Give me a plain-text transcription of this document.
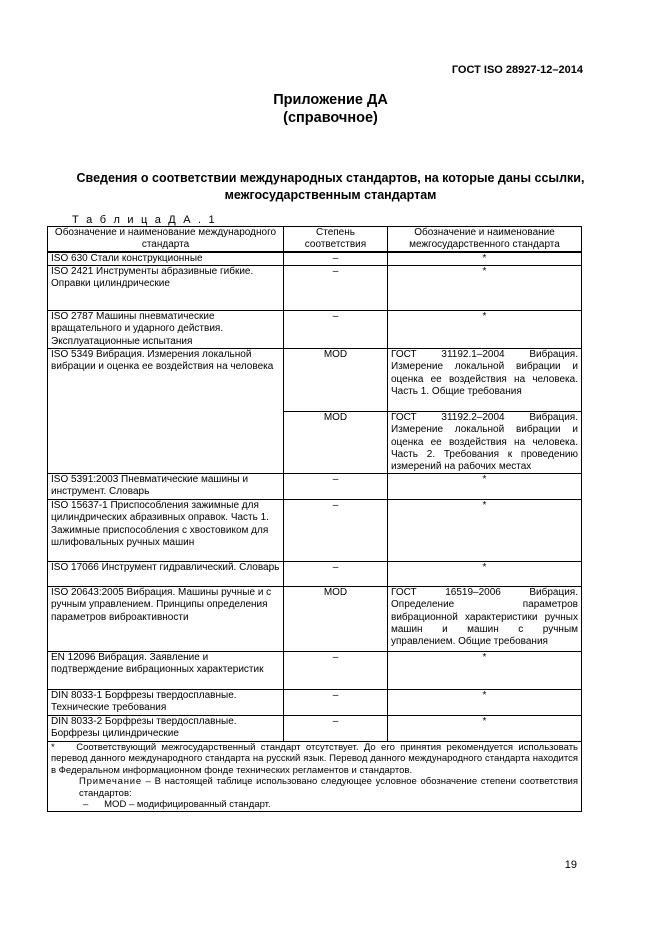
ГОСТ ISO 28927-12–2014
Приложение ДА
(справочное)
Сведения о соответствии международных стандартов, на которые даны ссылки, межгосударственным стандартам
Т а б л и ц а Д А . 1
Обозначение и наименование международного стандарта	Степень соответствия	Обозначение и наименование межгосударственного стандарта
ISO 630 Стали конструкционные	–	*
ISO 2421 Инструменты абразивные гибкие. Оправки цилиндрические	–	*
ISO 2787 Машины пневматические вращательного и ударного действия. Эксплуатационные испытания	–	*
ISO 5349 Вибрация. Измерения локальной вибрации и оценка ее воздействия на человека	MOD	ГОСТ 31192.1–2004 Вибрация. Измерение локальной вибрации и оценка ее воздействия на человека. Часть 1. Общие требования
	MOD	ГОСТ 31192.2–2004 Вибрация. Измерение локальной вибрации и оценка ее воздействия на человека. Часть 2. Требования к проведению измерений на рабочих местах
ISO 5391:2003 Пневматические машины и инструмент. Словарь	–	*
ISO 15637-1 Приспособления зажимные для цилиндрических абразивных оправок. Часть 1. Зажимные приспособления с хвостовиком для шлифовальных ручных машин	–	*
ISO 17066 Инструмент гидравлический. Словарь	–	*
ISO 20643:2005 Вибрация. Машины ручные и с ручным управлением. Принципы определения параметров виброактивности	MOD	ГОСТ 16519–2006 Вибрация. Определение параметров вибрационной характеристики ручных машин и машин с ручным управлением. Общие требования
EN 12096 Вибрация. Заявление и подтверждение вибрационных характеристик	–	*
DIN 8033-1 Борфрезы твердосплавные. Технические требования	–	*
DIN 8033-2 Борфрезы твердосплавные. Борфрезы цилиндрические	–	*

* Соответствующий межгосударственный стандарт отсутствует. До его принятия рекомендуется использовать перевод данного международного стандарта на русский язык. Перевод данного международного стандарта находится в Федеральном информационном фонде технических регламентов и стандартов.
Примечание – В настоящей таблице использовано следующее условное обозначение степени соответствия стандартов:
– MOD – модифицированный стандарт.		
19
